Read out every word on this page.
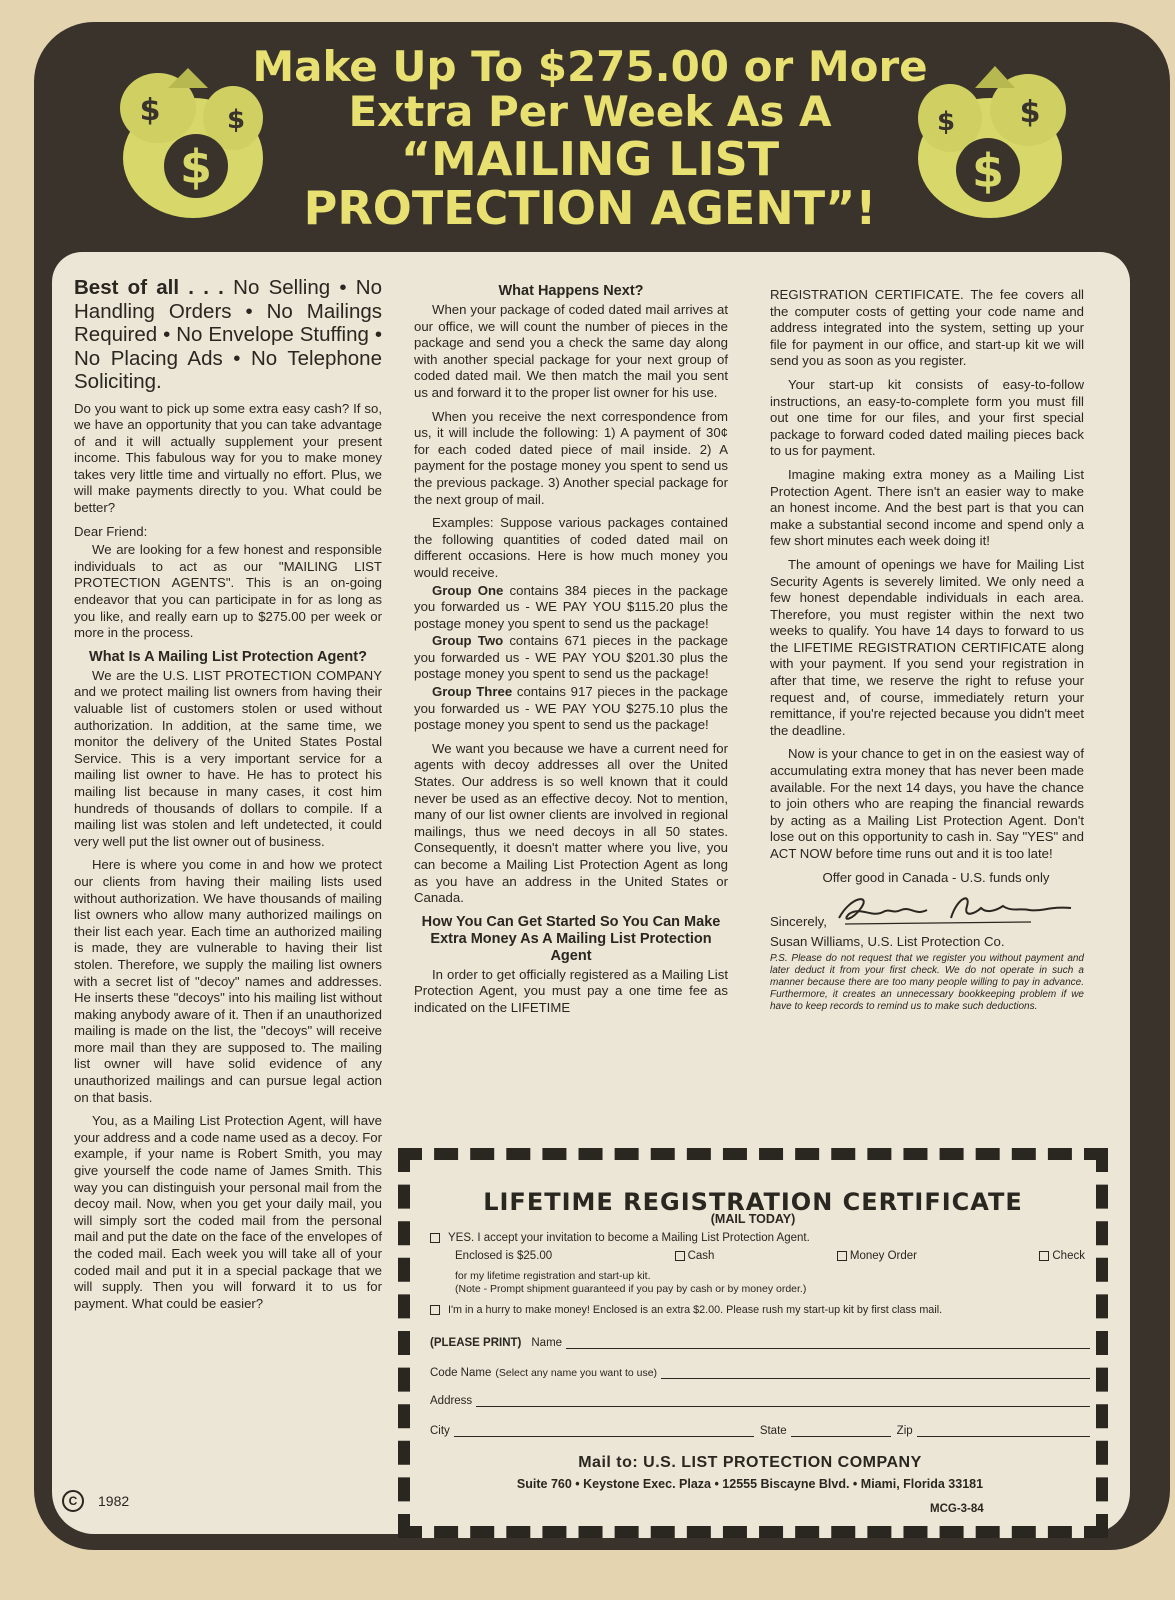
$
$	$
$
$ $
Make Up To $275.00 or More
Extra Per Week As A
“MAILING LIST
PROTECTION AGENT”!

Best of all . . . No Selling • No Handling Orders • No Mailings Required • No Envelope Stuffing • No Placing Ads • No Telephone Soliciting.

Do you want to pick up some extra easy cash? If so, we have an opportunity that you can take advantage of and it will actually supplement your present income. This fabulous way for you to make money takes very little time and virtually no effort. Plus, we will make payments directly to you. What could be better?

Dear Friend:

We are looking for a few honest and responsible individuals to act as our "MAILING LIST PROTECTION AGENTS". This is an on-going endeavor that you can participate in for as long as you like, and really earn up to $275.00 per week or more in the process.

What Is A Mailing List Protection Agent?

We are the U.S. LIST PROTECTION COMPANY and we protect mailing list owners from having their valuable list of customers stolen or used without authorization. In addition, at the same time, we monitor the delivery of the United States Postal Service. This is a very important service for a mailing list owner to have. He has to protect his mailing list because in many cases, it cost him hundreds of thousands of dollars to compile. If a mailing list was stolen and left undetected, it could very well put the list owner out of business.

Here is where you come in and how we protect our clients from having their mailing lists used without authorization. We have thousands of mailing list owners who allow many authorized mailings on their list each year. Each time an authorized mailing is made, they are vulnerable to having their list stolen. Therefore, we supply the mailing list owners with a secret list of "decoy" names and addresses. He inserts these "decoys" into his mailing list without making anybody aware of it. Then if an unauthorized mailing is made on the list, the "decoys" will receive more mail than they are supposed to. The mailing list owner will have solid evidence of any unauthorized mailings and can pursue legal action on that basis.

You, as a Mailing List Protection Agent, will have your address and a code name used as a decoy. For example, if your name is Robert Smith, you may give yourself the code name of James Smith. This way you can distinguish your personal mail from the decoy mail. Now, when you get your daily mail, you will simply sort the coded mail from the personal mail and put the date on the face of the envelopes of the coded mail. Each week you will take all of your coded mail and put it in a special package that we will supply. Then you will forward it to us for payment. What could be easier?

What Happens Next?

When your package of coded dated mail arrives at our office, we will count the number of pieces in the package and send you a check the same day along with another special package for your next group of coded dated mail. We then match the mail you sent us and forward it to the proper list owner for his use.

When you receive the next correspondence from us, it will include the following: 1) A payment of 30¢ for each coded dated piece of mail inside. 2) A payment for the postage money you spent to send us the previous package. 3) Another special package for the next group of mail.

Examples: Suppose various packages contained the following quantities of coded dated mail on different occasions. Here is how much money you would receive.

Group One contains 384 pieces in the package you forwarded us - WE PAY YOU $115.20 plus the postage money you spent to send us the package!

Group Two contains 671 pieces in the package you forwarded us - WE PAY YOU $201.30 plus the postage money you spent to send us the package!

Group Three contains 917 pieces in the package you forwarded us - WE PAY YOU $275.10 plus the postage money you spent to send us the package!

We want you because we have a current need for agents with decoy addresses all over the United States. Our address is so well known that it could never be used as an effective decoy. Not to mention, many of our list owner clients are involved in regional mailings, thus we need decoys in all 50 states. Consequently, it doesn't matter where you live, you can become a Mailing List Protection Agent as long as you have an address in the United States or Canada.

How You Can Get Started So You Can Make Extra Money As A Mailing List Protection Agent

In order to get officially registered as a Mailing List Protection Agent, you must pay a one time fee as indicated on the LIFETIME

REGISTRATION CERTIFICATE. The fee covers all the computer costs of getting your code name and address integrated into the system, setting up your file for payment in our office, and start-up kit we will send you as soon as you register.

Your start-up kit consists of easy-to-follow instructions, an easy-to-complete form you must fill out one time for our files, and your first special package to forward coded dated mailing pieces back to us for payment.

Imagine making extra money as a Mailing List Protection Agent. There isn't an easier way to make an honest income. And the best part is that you can make a substantial second income and spend only a few short minutes each week doing it!

The amount of openings we have for Mailing List Security Agents is severely limited. We only need a few honest dependable individuals in each area. Therefore, you must register within the next two weeks to qualify. You have 14 days to forward to us the LIFETIME REGISTRATION CERTIFICATE along with your payment. If you send your registration in after that time, we reserve the right to refuse your request and, of course, immediately return your remittance, if you're rejected because you didn't meet the deadline.

Now is your chance to get in on the easiest way of accumulating extra money that has never been made available. For the next 14 days, you have the chance to join others who are reaping the financial rewards by acting as a Mailing List Protection Agent. Don't lose out on this opportunity to cash in. Say "YES" and ACT NOW before time runs out and it is too late!

Offer good in Canada - U.S. funds only

Sincerely,

Susan Williams, U.S. List Protection Co.

P.S. Please do not request that we register you without payment and later deduct it from your first check. We do not operate in such a manner because there are too many people willing to pay in advance. Furthermore, it creates an unnecessary bookkeeping problem if we have to keep records to remind us to make such deductions.

C	1982
LIFETIME REGISTRATION CERTIFICATE
(MAIL TODAY)
YES. I accept your invitation to become a Mailing List Protection Agent.
Enclosed is $25.00	Cash	Money Order	Check
for my lifetime registration and start-up kit.
(Note - Prompt shipment guaranteed if you pay by cash or by money order.)
I'm in a hurry to make money! Enclosed is an extra $2.00. Please rush my start-up kit by first class mail.
(PLEASE PRINT) Name
Code Name (Select any name you want to use)
Address
City	State	Zip
Mail to: U.S. LIST PROTECTION COMPANY
Suite 760 • Keystone Exec. Plaza • 12555 Biscayne Blvd. • Miami, Florida 33181
MCG-3-84
